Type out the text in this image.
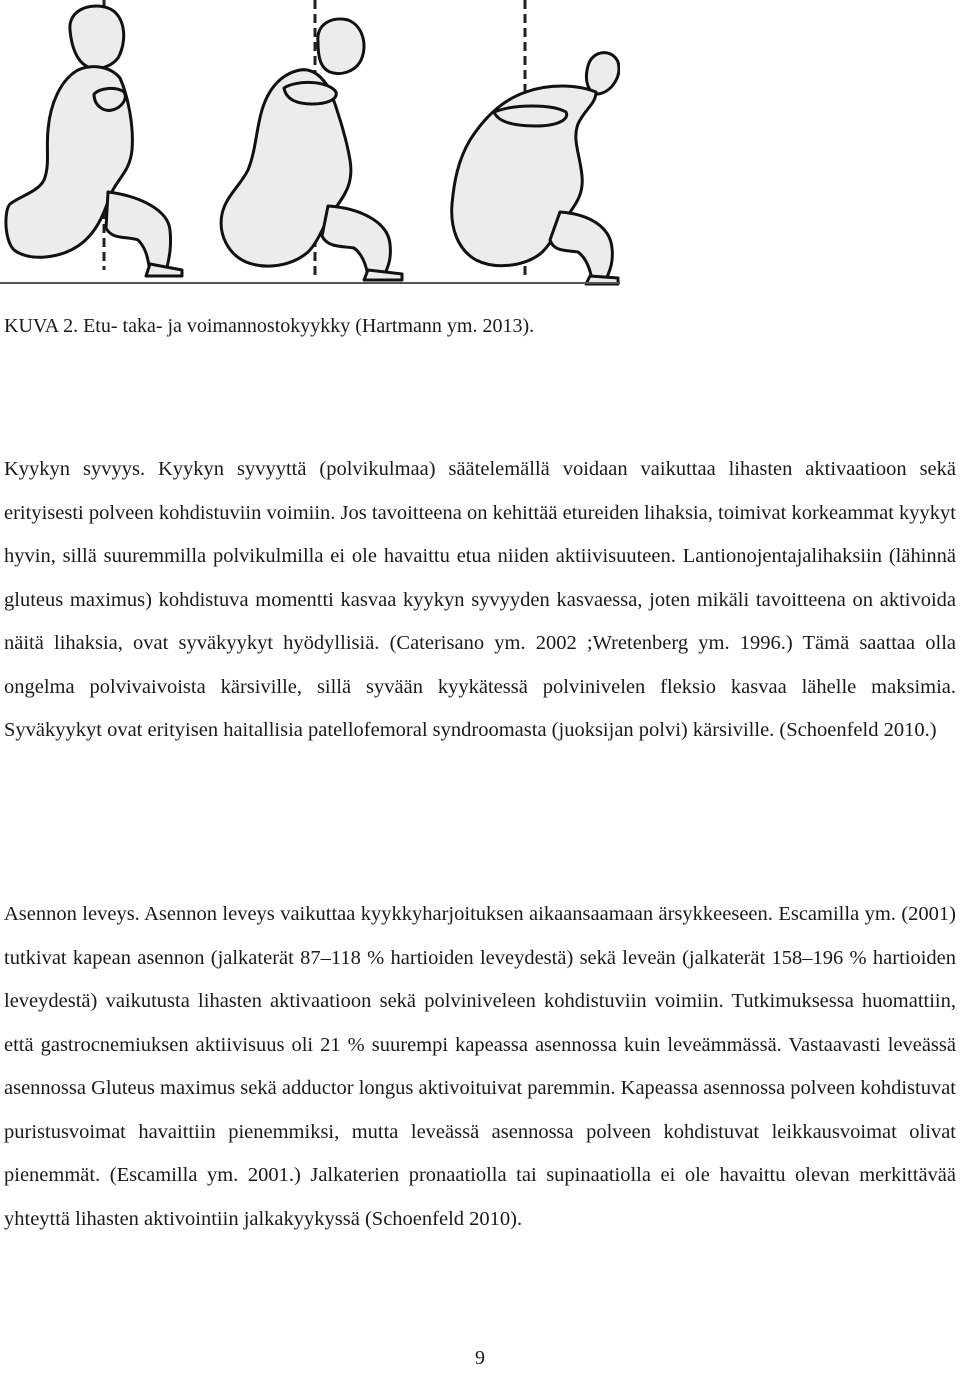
KUVA 2. Etu- taka- ja voimannostokyykky (Hartmann ym. 2013).

Kyykyn syvyys. Kyykyn syvyyttä (polvikulmaa) säätelemällä voidaan vaikuttaa lihasten aktivaatioon sekä erityisesti polveen kohdistuviin voimiin. Jos tavoitteena on kehittää etureiden lihaksia, toimivat korkeammat kyykyt hyvin, sillä suuremmilla polvikulmilla ei ole havaittu etua niiden aktiivisuuteen. Lantionojentajalihaksiin (lähinnä gluteus maximus) kohdistuva momentti kasvaa kyykyn syvyyden kasvaessa, joten mikäli tavoitteena on aktivoida näitä lihaksia, ovat syväkyykyt hyödyllisiä. (Caterisano ym. 2002 ;Wretenberg ym. 1996.) Tämä saattaa olla ongelma polvivaivoista kärsiville, sillä syvään kyykätessä polvinivelen fleksio kasvaa lähelle maksimia. Syväkyykyt ovat erityisen haitallisia patellofemoral syndroomasta (juoksijan polvi) kärsiville. (Schoenfeld 2010.)

Asennon leveys. Asennon leveys vaikuttaa kyykkyharjoituksen aikaansaamaan ärsykkeeseen. Escamilla ym. (2001) tutkivat kapean asennon (jalkaterät 87–118 % hartioiden leveydestä) sekä leveän (jalkaterät 158–196 % hartioiden leveydestä) vaikutusta lihasten aktivaatioon sekä polviniveleen kohdistuviin voimiin. Tutkimuksessa huomattiin, että gastrocnemiuksen aktiivisuus oli 21 % suurempi kapeassa asennossa kuin leveämmässä. Vastaavasti leveässä asennossa Gluteus maximus sekä adductor longus aktivoituivat paremmin. Kapeassa asennossa polveen kohdistuvat puristusvoimat havaittiin pienemmiksi, mutta leveässä asennossa polveen kohdistuvat leikkausvoimat olivat pienemmät. (Escamilla ym. 2001.) Jalkaterien pronaatiolla tai supinaatiolla ei ole havaittu olevan merkittävää yhteyttä lihasten aktivointiin jalkakyykyssä (Schoenfeld 2010).

9
